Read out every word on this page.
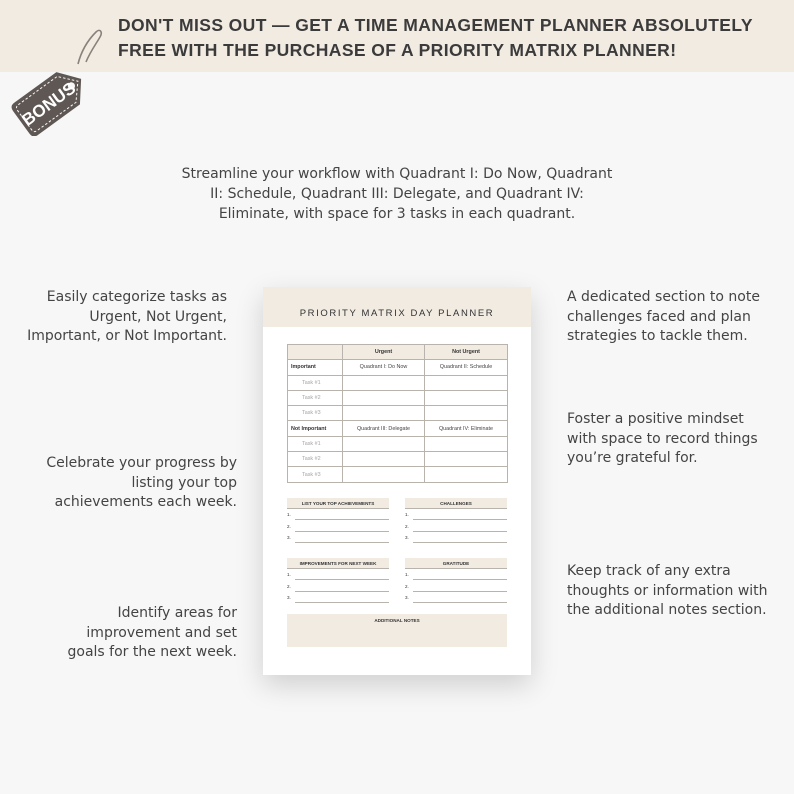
DON'T MISS OUT — GET A TIME MANAGEMENT PLANNER ABSOLUTELY
FREE WITH THE PURCHASE OF A PRIORITY MATRIX PLANNER!
BONUS
Streamline your workflow with Quadrant I: Do Now, Quadrant
II: Schedule, Quadrant III: Delegate, and Quadrant IV:
Eliminate, with space for 3 tasks in each quadrant.
Easily categorize tasks as
Urgent, Not Urgent,
Important, or Not Important.
Celebrate your progress by
listing your top
achievements each week.
Identify areas for
improvement and set
goals for the next week.
A dedicated section to note
challenges faced and plan
strategies to tackle them.
Foster a positive mindset
with space to record things
you’re grateful for.
Keep track of any extra
thoughts or information with
the additional notes section.
PRIORITY MATRIX DAY PLANNER
	Urgent	Not Urgent
Important	Quadrant I: Do Now	Quadrant II: Schedule
Task #1		
Task #2		
Task #3		
Not Important	Quadrant III: Delegate	Quadrant IV: Eliminate
Task #1		
Task #2		
Task #3		
LIST YOUR TOP ACHIEVEMENTS
1.
2.
3.
CHALLENGES
1.
2.
3.
IMPROVEMENTS FOR NEXT WEEK
1.
2.
3.
GRATITUDE
1.
2.
3.
ADDITIONAL NOTES
